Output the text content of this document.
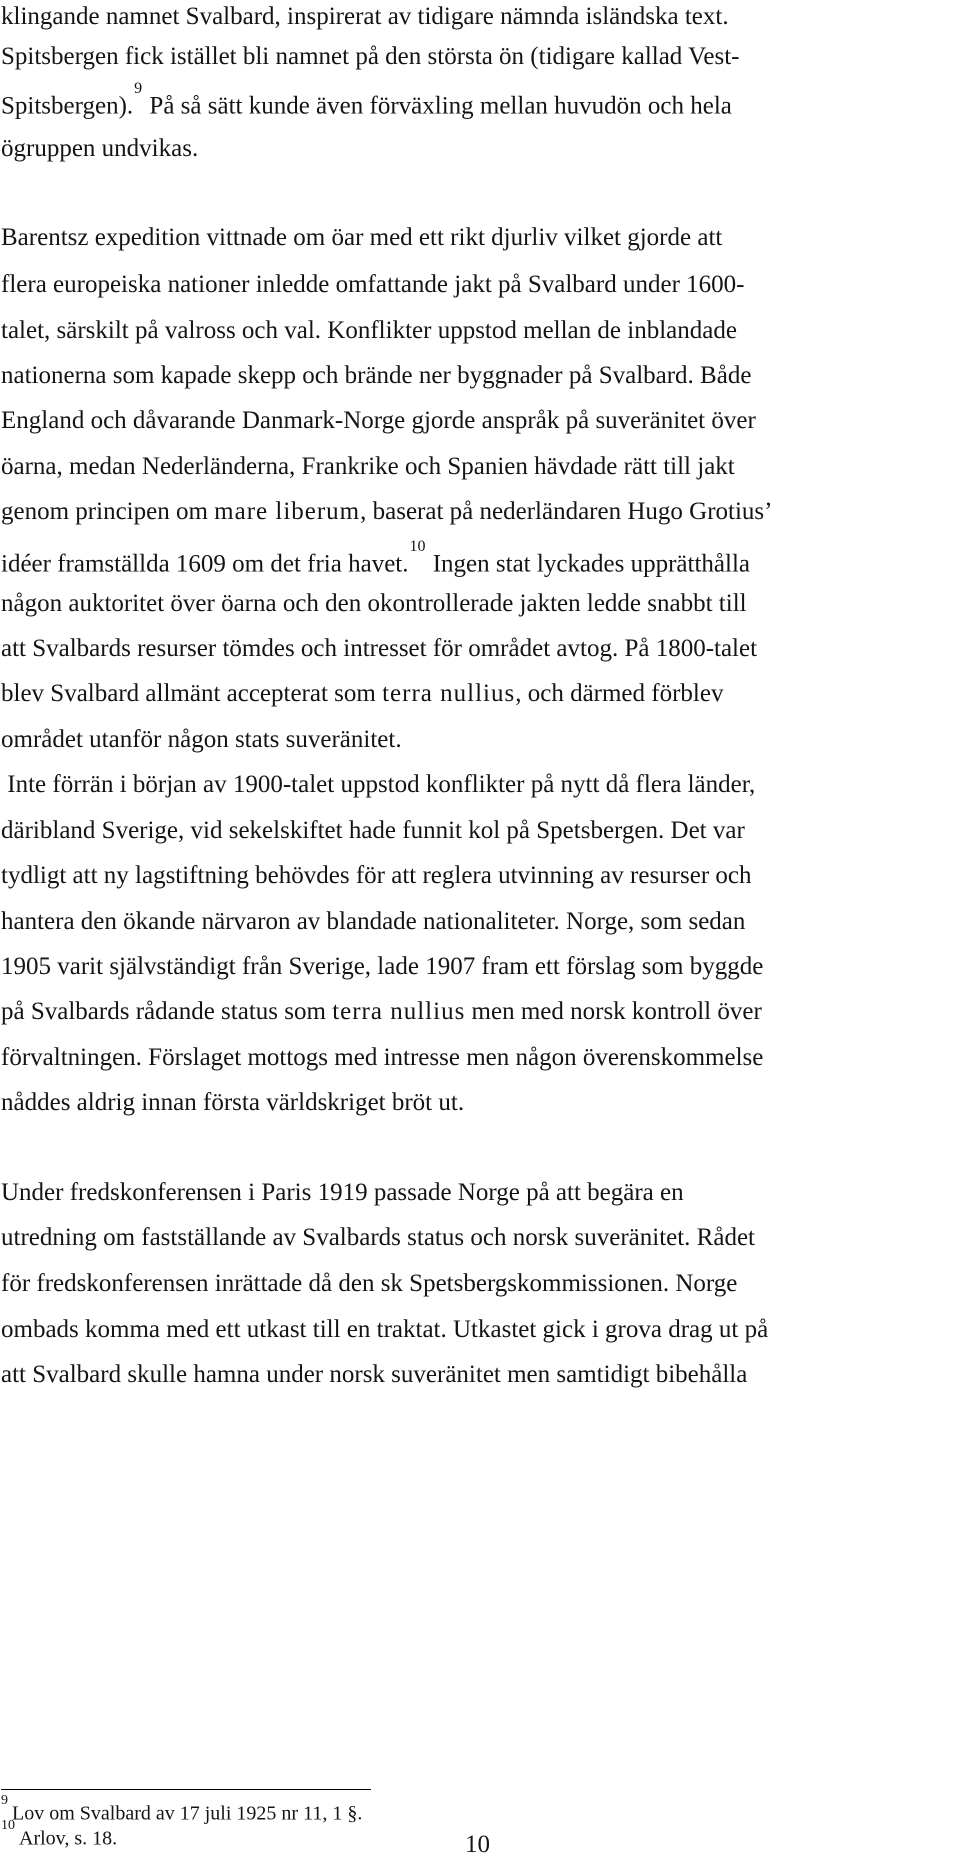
klingande namnet Svalbard, inspirerat av tidigare nämnda isländska text.
Spitsbergen fick istället bli namnet på den största ön (tidigare kallad Vest-
Spitsbergen).$^9$ På så sätt kunde även förväxling mellan huvudön och hela
ögruppen undvikas.
Barentsz expedition vittnade om öar med ett rikt djurliv vilket gjorde att
flera europeiska nationer inledde omfattande jakt på Svalbard under 1600-
talet, särskilt på valross och val. Konflikter uppstod mellan de inblandade
nationerna som kapade skepp och brände ner byggnader på Svalbard. Både
England och dåvarande Danmark-Norge gjorde anspråk på suveränitet över
öarna, medan Nederländerna, Frankrike och Spanien hävdade rätt till jakt
genom principen om mare liberum, baserat på nederländaren Hugo Grotius’
idéer framställda 1609 om det fria havet.$^{10}$ Ingen stat lyckades upprätthålla
någon auktoritet över öarna och den okontrollerade jakten ledde snabbt till
att Svalbards resurser tömdes och intresset för området avtog. På 1800-talet
blev Svalbard allmänt accepterat som terra nullius, och därmed förblev
området utanför någon stats suveränitet.
Inte förrän i början av 1900-talet uppstod konflikter på nytt då flera länder,
däribland Sverige, vid sekelskiftet hade funnit kol på Spetsbergen. Det var
tydligt att ny lagstiftning behövdes för att reglera utvinning av resurser och
hantera den ökande närvaron av blandade nationaliteter. Norge, som sedan
1905 varit självständigt från Sverige, lade 1907 fram ett förslag som byggde
på Svalbards rådande status som terra nullius men med norsk kontroll över
förvaltningen. Förslaget mottogs med intresse men någon överenskommelse
nåddes aldrig innan första världskriget bröt ut.
Under fredskonferensen i Paris 1919 passade Norge på att begära en
utredning om fastställande av Svalbards status och norsk suveränitet. Rådet
för fredskonferensen inrättade då den sk Spetsbergskommissionen. Norge
ombads komma med ett utkast till en traktat. Utkastet gick i grova drag ut på
att Svalbard skulle hamna under norsk suveränitet men samtidigt bibehålla
$^9$Lov om Svalbard av 17 juli 1925 nr 11, 1 §.
$^{10}$Arlov, s. 18.	10
